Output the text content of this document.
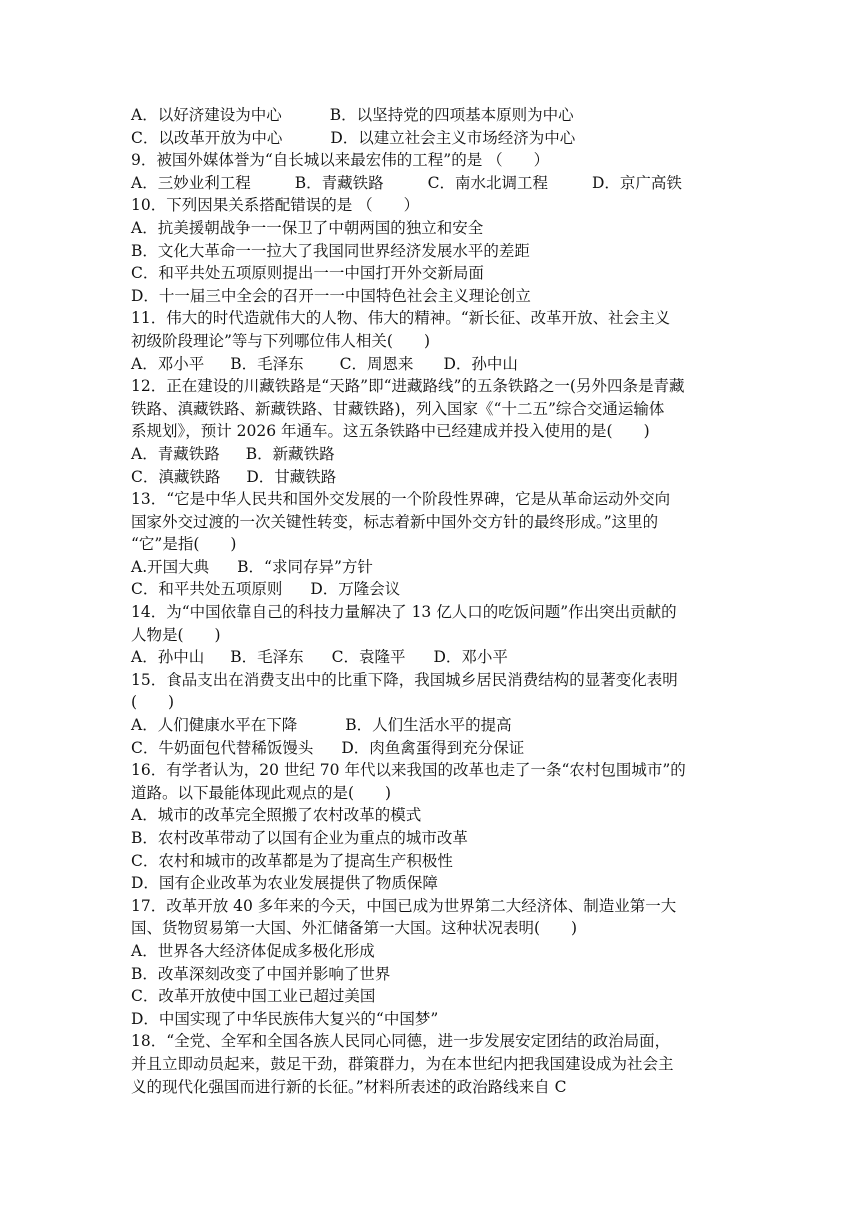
A．以好济建设为中心	B．以坚持党的四项基本原则为中心
C．以改革开放为中心	D．以建立社会主义市场经济为中心
9．被国外媒体誉为“自长城以来最宏伟的工程”的是 （　　）
A．三妙业利工程	B．青藏铁路	C．南水北调工程	D．京广高铁
10．下列因果关系搭配错误的是 （　　）
A．抗美援朝战争一一保卫了中朝两国的独立和安全
B．文化大革命一一拉大了我国同世界经济发展水平的差距
C．和平共处五项原则提出一一中国打开外交新局面
D．十一届三中全会的召开一一中国特色社会主义理论创立
11．伟大的时代造就伟大的人物、伟大的精神。“新长征、改革开放、社会主义
初级阶段理论”等与下列哪位伟人相关(　　)
A．邓小平 B．毛泽东 C．周恩来 D．孙中山
12．正在建设的川藏铁路是“天路”即“进藏路线”的五条铁路之一(另外四条是青藏
铁路、滇藏铁路、新藏铁路、甘藏铁路)，列入国家《“十二五”综合交通运输体
系规划》，预计 2026 年通车。这五条铁路中已经建成并投入使用的是(　　)
A．青藏铁路 B．新藏铁路
C．滇藏铁路 D．甘藏铁路
13．“它是中华人民共和国外交发展的一个阶段性界碑，它是从革命运动外交向
国家外交过渡的一次关键性转变，标志着新中国外交方针的最终形成。”这里的
“它”是指(　　)
A.开国大典 B．“求同存异”方针
C．和平共处五项原则 D．万隆会议
14．为“中国依靠自己的科技力量解决了 13 亿人口的吃饭问题”作出突出贡献的
人物是(　　)
A．孙中山 B．毛泽东 C．袁隆平 D．邓小平
15．食品支出在消费支出中的比重下降，我国城乡居民消费结构的显著变化表明
(　　)
A．人们健康水平在下降	B．人们生活水平的提高
C．牛奶面包代替稀饭馒头 D．肉鱼禽蛋得到充分保证
16．有学者认为，20 世纪 70 年代以来我国的改革也走了一条“农村包围城市”的
道路。以下最能体现此观点的是(　　)
A．城市的改革完全照搬了农村改革的模式
B．农村改革带动了以国有企业为重点的城市改革
C．农村和城市的改革都是为了提高生产积极性
D．国有企业改革为农业发展提供了物质保障
17．改革开放 40 多年来的今天，中国已成为世界第二大经济体、制造业第一大
国、货物贸易第一大国、外汇储备第一大国。这种状况表明(　　)
A．世界各大经济体促成多极化形成
B．改革深刻改变了中国并影响了世界
C．改革开放使中国工业已超过美国
D．中国实现了中华民族伟大复兴的“中国梦”
18．“全党、全军和全国各族人民同心同德，进一步发展安定团结的政治局面，
并且立即动员起来，鼓足干劲，群策群力，为在本世纪内把我国建设成为社会主
义的现代化强国而进行新的长征。”材料所表述的政治路线来自 C
